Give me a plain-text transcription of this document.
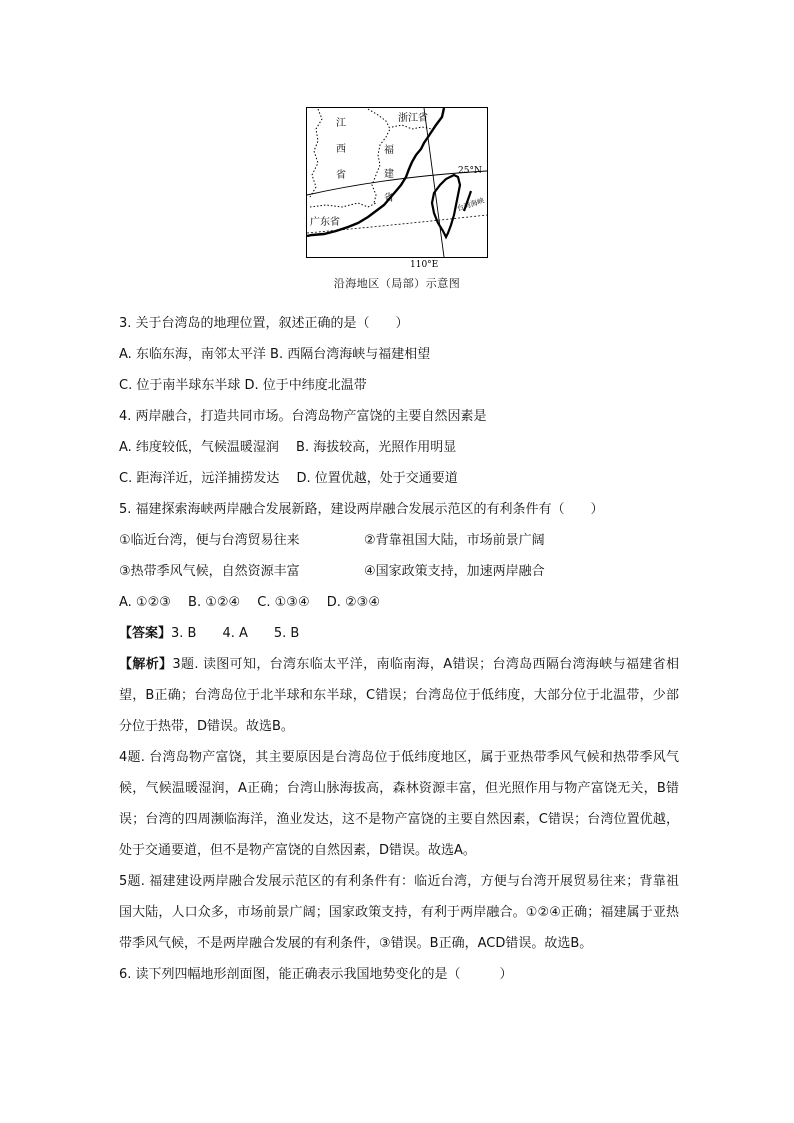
江
西
省
福
建
省
浙江省
广东省
25°N
110°E
台湾海峡
沿海地区（局部）示意图
3. 关于台湾岛的地理位置，叙述正确的是（　　）
A. 东临东海，南邻太平洋 B. 西隔台湾海峡与福建相望
C. 位于南半球东半球 D. 位于中纬度北温带
4. 两岸融合，打造共同市场。台湾岛物产富饶的主要自然因素是
A. 纬度较低，气候温暖湿润　 B. 海拔较高，光照作用明显
C. 距海洋近，远洋捕捞发达　 D. 位置优越，处于交通要道
5. 福建探索海峡两岸融合发展新路，建设两岸融合发展示范区的有利条件有（　　）
①临近台湾，便与台湾贸易往来	②背靠祖国大陆，市场前景广阔
③热带季风气候，自然资源丰富	④国家政策支持，加速两岸融合
A. ①②③　 B. ①②④　 C. ①③④　 D. ②③④
【答案】3. B　　4. A　　5. B
【解析】3题. 读图可知，台湾东临太平洋，南临南海，A错误；台湾岛西隔台湾海峡与福建省相望，B正确；台湾岛位于北半球和东半球，C错误；台湾岛位于低纬度，大部分位于北温带，少部分位于热带，D错误。故选B。
4题. 台湾岛物产富饶，其主要原因是台湾岛位于低纬度地区，属于亚热带季风气候和热带季风气候，气候温暖湿润，A正确；台湾山脉海拔高，森林资源丰富，但光照作用与物产富饶无关，B错误；台湾的四周濒临海洋，渔业发达，这不是物产富饶的主要自然因素，C错误；台湾位置优越，处于交通要道，但不是物产富饶的自然因素，D错误。故选A。
5题. 福建建设两岸融合发展示范区的有利条件有：临近台湾，方便与台湾开展贸易往来；背靠祖国大陆，人口众多，市场前景广阔；国家政策支持，有利于两岸融合。①②④正确；福建属于亚热带季风气候，不是两岸融合发展的有利条件，③错误。B正确，ACD错误。故选B。
6. 读下列四幅地形剖面图，能正确表示我国地势变化的是（　　　）
